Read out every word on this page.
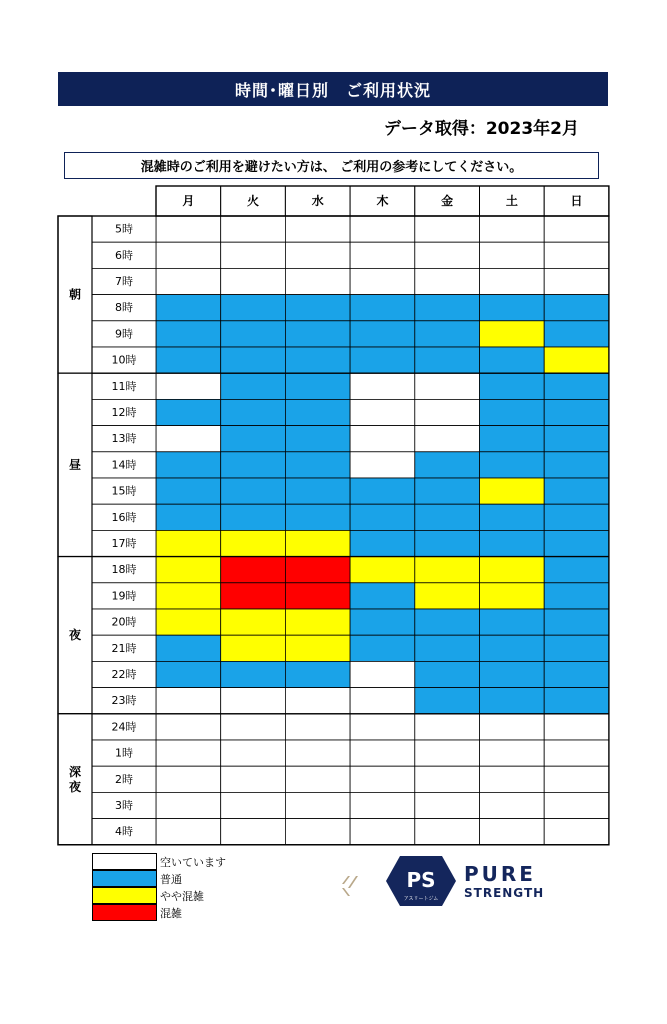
時間･曜日別　ご利用状況
データ取得：2023年2月
混雑時のご利用を避けたい方は、 ご利用の参考にしてください。
月	火	水	木	金	土	日
5時
6時
7時
8時
9時
10時
11時
12時
13時
14時
15時
16時
17時
18時
19時
20時
21時
22時
23時
24時
1時
2時
3時
4時
朝
昼
夜
深
夜
空いています
普通
やや混雑
混雑
PS
アスリートジム
PURE
STRENGTH
